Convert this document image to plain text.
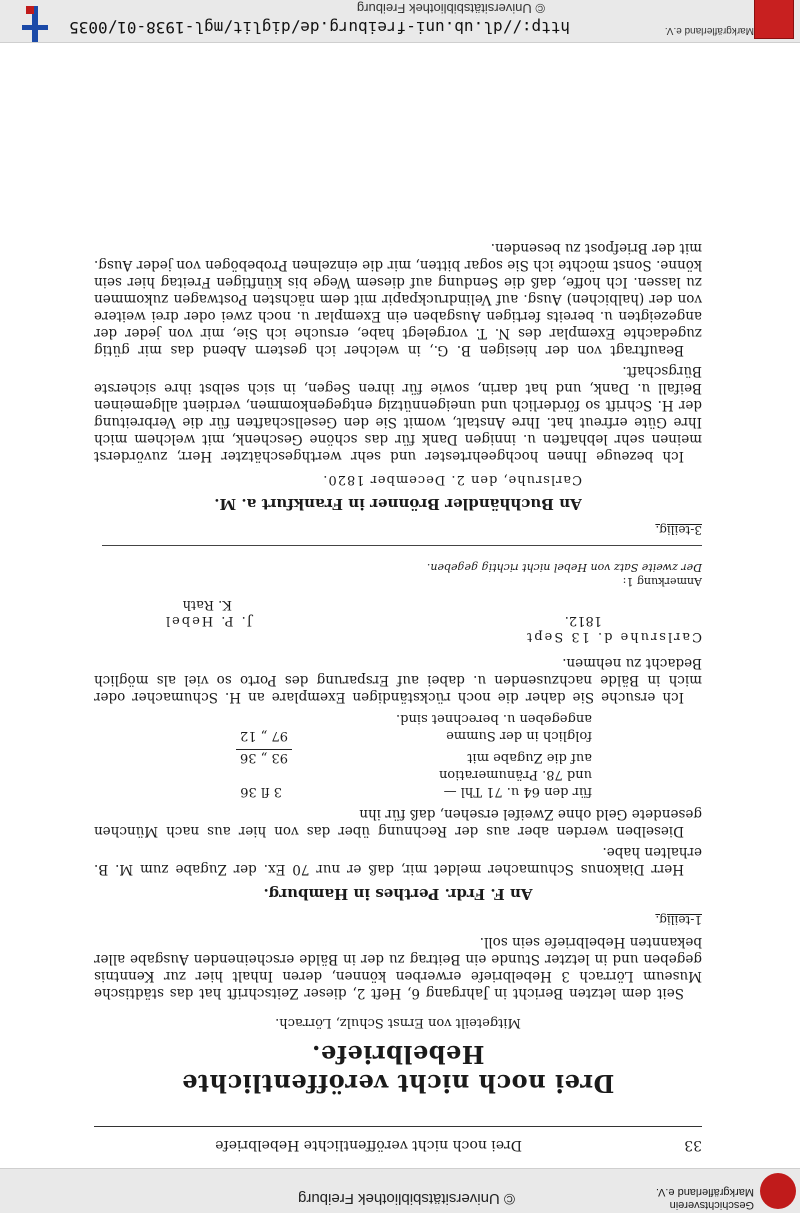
Geschichtsverein Markgräflerland e.V.
© Universitätsbibliothek Freiburg
33
Drei noch nicht veröffentlichte Hebelbriefe
Drei noch nicht veröffentlichte Hebelbriefe.
Mitgeteilt von Ernst Schulz, Lörrach.

Seit dem letzten Bericht in Jahrgang 6, Heft 2, dieser Zeitschrift hat das städtische Museum Lörrach 3 Hebelbriefe erwerben können, deren Inhalt hier zur Kenntnis gegeben und in letzter Stunde ein Beitrag zu der in Bälde erscheinenden Ausgabe aller bekannten Hebelbriefe sein soll.

1-teilig.
An F. Frdr. Perthes in Hamburg.

Herr Diakonus Schumacher meldet mir, daß er nur 70 Ex. der Zugabe zum M. B. erhalten habe.

Dieselben werden aber aus der Rechnung über das von hier aus nach München gesendete Geld ohne Zweifel ersehen, daß für ihn

für den 64 u. 71 Thl —
3 fl 36
und 78. Pränumeration
auf die Zugabe mit
93 „ 36
folglich in der Summe
97 „ 12
angegeben u. berechnet sind.

Ich ersuche Sie daher die noch rückständigen Exemplare an H. Schumacher oder mich in Bälde nachzusenden u. dabei auf Ersparung des Porto so viel als möglich Bedacht zu nehmen.

Carlsruhe d. 13 Sept
1812.
J. P. Hebel
K. Rath
Anmerkung 1:
Der zweite Satz von Hebel nicht richtig gegeben.
3-teilig.
An Buchhändler Brönner in Frankfurt a. M.
Carlsruhe, den 2. December 1820.

Ich bezeuge Ihnen hochgeehrtester und sehr werthgeschätzter Herr, zuvörderst meinen sehr lebhaften u. innigen Dank für das schöne Geschenk, mit welchem mich Ihre Güte erfreut hat. Ihre Anstalt, womit Sie den Gesellschaften für die Verbreitung der H. Schrift so förderlich und uneigennützig entgegenkommen, verdient allgemeinen Beifall u. Dank, und hat darin, sowie für ihren Segen, in sich selbst ihre sicherste Bürgschaft.

Beauftragt von der hiesigen B. G., in welcher ich gestern Abend das mir gütig zugedachte Exemplar des N. T. vorgelegt habe, ersuche ich Sie, mir von jeder der angezeigten u. bereits fertigen Ausgaben ein Exemplar u. noch zwei oder drei weitere von der (halbichen) Ausg. auf Velindruckpapir mit dem nächsten Postwagen zukommen zu lassen. Ich hoffe, daß die Sendung auf diesem Wege bis künftigen Freitag hier sein könne. Sonst möchte ich Sie sogar bitten, mir die einzelnen Probebögen von jeder Ausg. mit der Briefpost zu besenden.

Markgräflerland e.V.
http://dl.ub.uni-freiburg.de/diglit/mgl-1938-01/0035
© Universitätsbibliothek Freiburg
